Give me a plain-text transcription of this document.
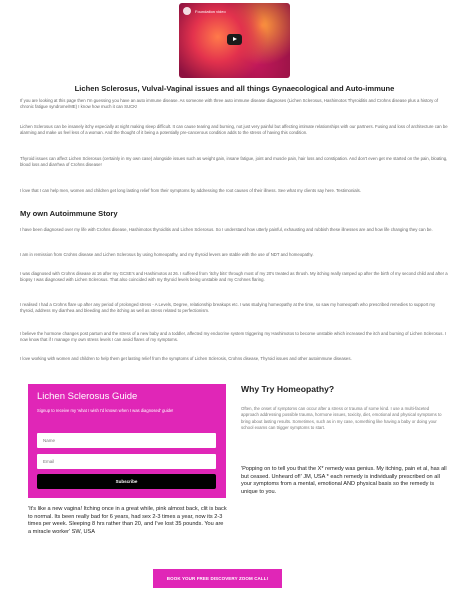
Foundation video
Lichen Sclerosus, Vulval-Vaginal issues and all things Gynaecological and Auto-immune

If you are looking at this page then I'm guessing you have an auto immune disease. As someone with three auto immune disease diagnoses (Lichen Sclerosus, Hashimotos Thyroiditis and Crohns disease plus a history of chronic fatigue syndrome/ME) I know how much it can SUCK!

Lichen Sclerosus can be insanely itchy especially at night making sleep difficult. It can cause tearing and burning, not just very painful but affecting intimate relationships with our partners. Fusing and loss of architecture can be alarming and make us feel less of a woman. And the thought of it being a potentially pre-cancerous condition adds to the stress of having this condition.

Thyroid issues can affect Lichen Sclerosus (certainly in my own case) alongside issues such as weight gain, insane fatigue, joint and muscle pain, hair loss and constipation. And don't even get me started on the pain, bloating, blood loss and diarrhea of Crohns disease!

I love that I can help men, women and children get long lasting relief from their symptoms by addressing the root causes of their illness. See what my clients say here. Testimonials.

My own Autoimmune Story

I have been diagnosed over my life with Crohns disease, Hashimotos thyroiditis and Lichen Sclerosus. So I understand how utterly painful, exhausting and rubbish these illnesses are and how life changing they can be.

I am in remission from Crohns disease and Lichen Sclerosus by using homeopathy, and my thyroid levers are stable with the use of NDT and homeopathy.

I was diagnosed with Crohns disease at 16 after my GCSE's and Hashimotos at 26. I suffered from 'itchy bits' through most of my 20's treated as thrush. My itching really ramped up after the birth of my second child and after a biopsy I was diagnosed with Lichen Sclerosus. That also coincided with my thyroid levels being unstable and my Crohnes flaring.

I realised I had a Crohns flare up after any period of prolonged stress - A Levels, Degree, relationship breakups etc. I was studying homeopathy at the time, so saw my homeopath who prescribed remedies to support my thyroid, address my diarrhea and bleeding and the itching as well as stress related to perfectionism.

I believe the hormone changes post partum and the stress of a new baby and a toddler, affected my endocrine system triggering my Hashimotos to become unstable which increased the itch and burning of Lichen Sclerosus. I now know that if I manage my own stress levels I can avoid flares of my symptoms.

I love working with women and children to help them get lasting relief from the symptoms of Lichen Sclerosis, Crohns disease, Thyroid issues and other autoimmune diseases.

Lichen Sclerosus Guide
Signup to receive my 'what I wish I'd known when I was diagnosed' guide!
Name
Email
Subscribe

'It's like a new vagina! Itching once in a great while, pink almost back, clit is back to normal. Its been really bad for 6 years, had sex 2-3 times a year, now its 2-3 times per week. Sleeping 8 hrs rather than 20, and I've lost 35 pounds. You are a miracle worker' SW, USA

Why Try Homeopathy?

Often, the onset of symptoms can occur after a stress or trauma of some kind. I use a multi-faceted approach addressing possible trauma, hormone issues, toxicity, diet, emotional and physical symptoms to bring about lasting results. Sometimes, such as in my case, something like having a baby or doing your school exams can trigger symptoms to start.

'Popping on to tell you that the X* remedy was genius. My itching, pain et al, has all but ceased. Unheard of!' JM, USA * each remedy is individually prescribed on all your symptoms from a mental, emotional AND physical basis so the remedy is unique to you.

BOOK YOUR FREE DISCOVERY ZOOM CALL!
